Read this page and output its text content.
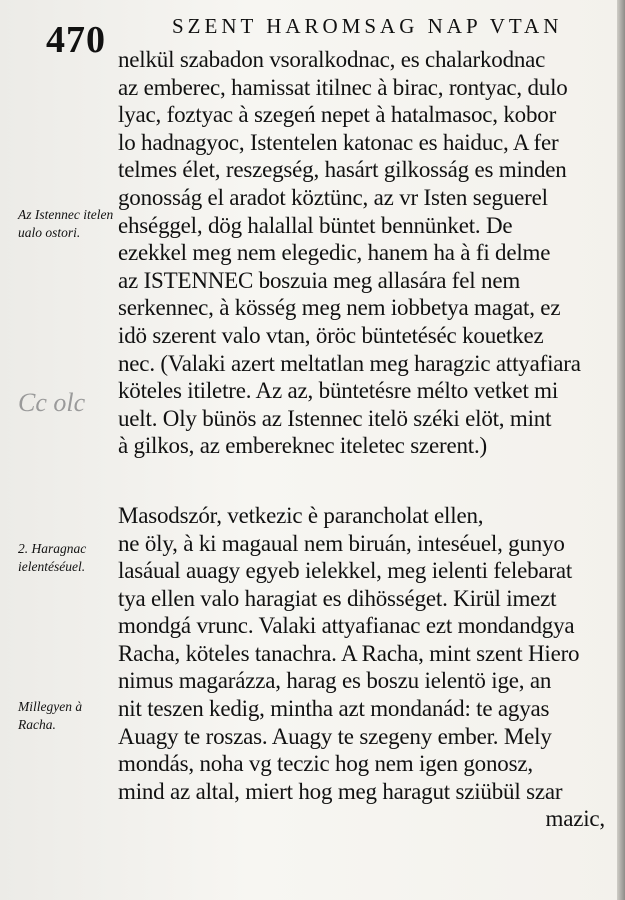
470	SZENT HAROMSAG NAP VTAN
Az Istennec itelen ualo ostori.
Cc olc
2. Haragnac ielentéséuel.
Millegyen à Racha.
nelkül szabadon vsoralkodnac, es chalarkodnac
az emberec, hamissat itilnec à birac, rontyac, dulo
lyac, foztyac à szegeń nepet à hatalmasoc, kobor
lo hadnagyoc, Istentelen katonac es haiduc, A fer
telmes élet, reszegség, hasárt gilkosság es minden
gonosság el aradot köztünc, az vr Isten seguerel
ehséggel, dög halallal büntet bennünket. De
ezekkel meg nem elegedic, hanem ha à fi delme
az ISTENNEC boszuia meg allasára fel nem
serkennec, à kösség meg nem iobbetya magat, ez
idö szerent valo vtan, öröc büntetéséc kouetkez
nec. (Valaki azert meltatlan meg haragzic attyafiara
köteles itiletre. Az az, büntetésre mélto vetket mi
uelt. Oly bünös az Istennec itelö széki elöt, mint
à gilkos, az embereknec iteletec szerent.)
Masodszór, vetkezic è parancholat ellen,
ne öly, à ki magaual nem biruán, inteséuel, gunyo
lasáual auagy egyeb ielekkel, meg ielenti felebarat
tya ellen valo haragiat es dihösséget. Kirül imezt
mondgá vrunc. Valaki attyafianac ezt mondandgya
Racha, köteles tanachra. A Racha, mint szent Hiero
nimus magarázza, harag es boszu ielentö ige, an
nit teszen kedig, mintha azt mondanád: te agyas
Auagy te roszas. Auagy te szegeny ember. Mely
mondás, noha vg teczic hog nem igen gonosz,
mind az altal, miert hog meg haragut sziübül szar
mazic,
